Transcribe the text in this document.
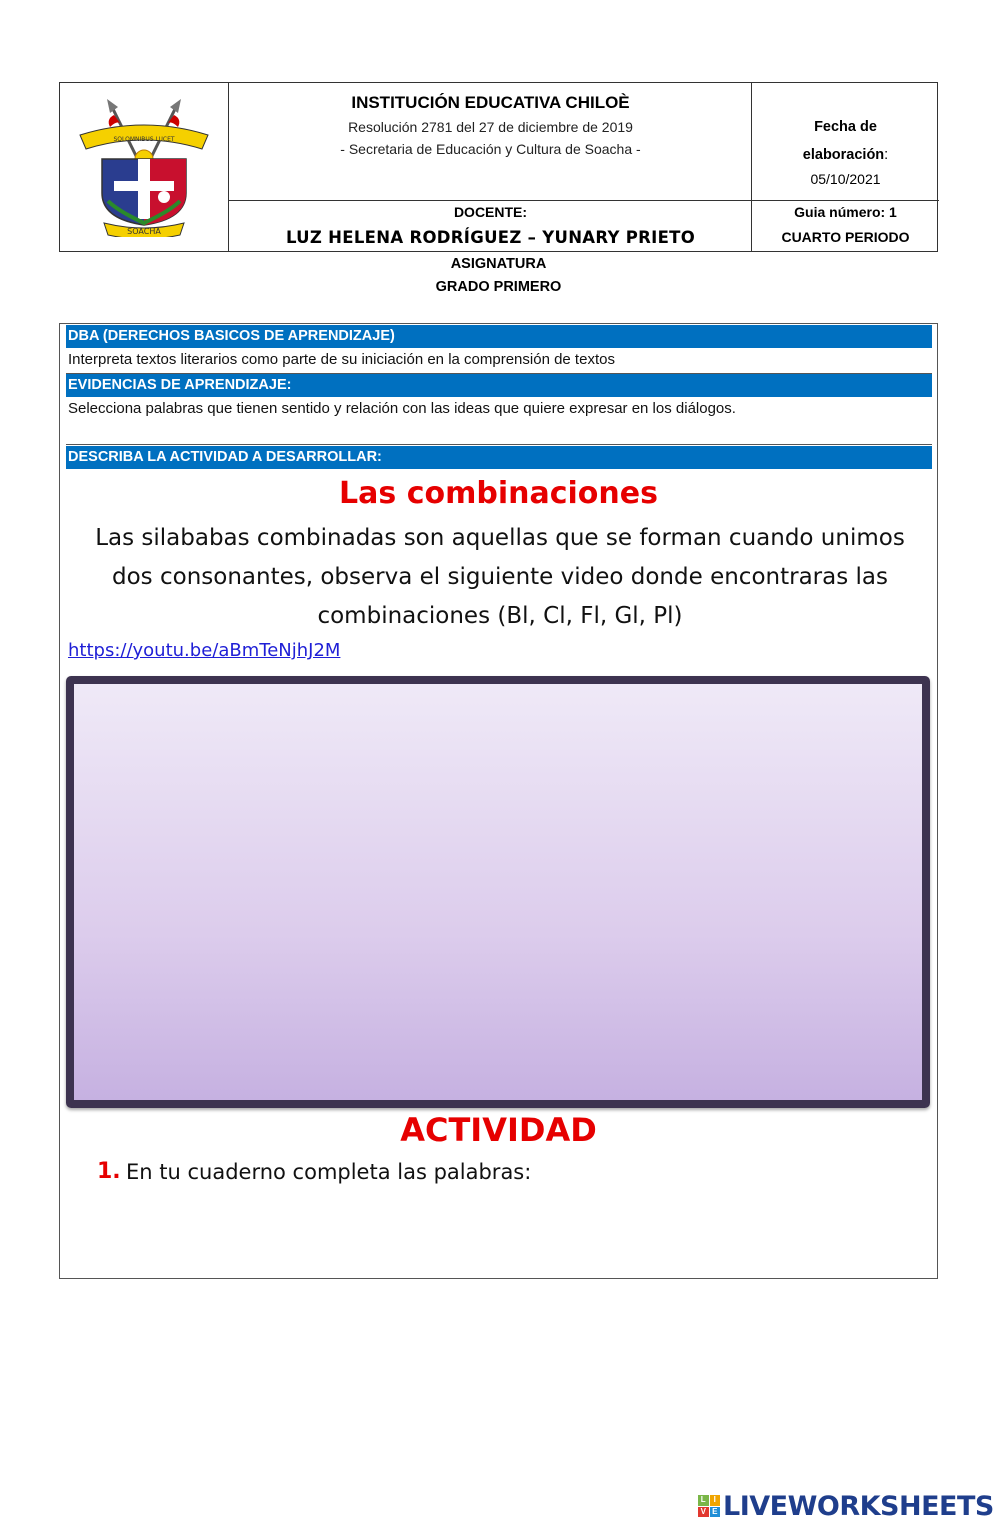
SOLOMNIBUS LUCET
SOACHA
INSTITUCIÓN EDUCATIVA CHILOÈ
Resolución 2781 del 27 de diciembre de 2019
- Secretaria de Educación y Cultura de Soacha -
DOCENTE:
LUZ HELENA RODRÍGUEZ – YUNARY PRIETO
Fecha de
elaboración:
05/10/2021
Guia número: 1
CUARTO PERIODO
ASIGNATURA
GRADO PRIMERO
DBA (DERECHOS BASICOS DE APRENDIZAJE)
Interpreta textos literarios como parte de su iniciación en la comprensión de textos
EVIDENCIAS DE APRENDIZAJE:
Selecciona palabras que tienen sentido y relación con las ideas que quiere expresar en los diálogos.
DESCRIBA LA ACTIVIDAD A DESARROLLAR:
Las combinaciones
Las silababas combinadas son aquellas que se forman cuando unimos
dos consonantes, observa el siguiente video donde encontraras las
combinaciones (Bl, Cl, Fl, Gl, Pl)
https://youtu.be/aBmTeNjhJ2M
ACTIVIDAD
1. En tu cuaderno completa las palabras:
L I
V E LIVEWORKSHEETS
